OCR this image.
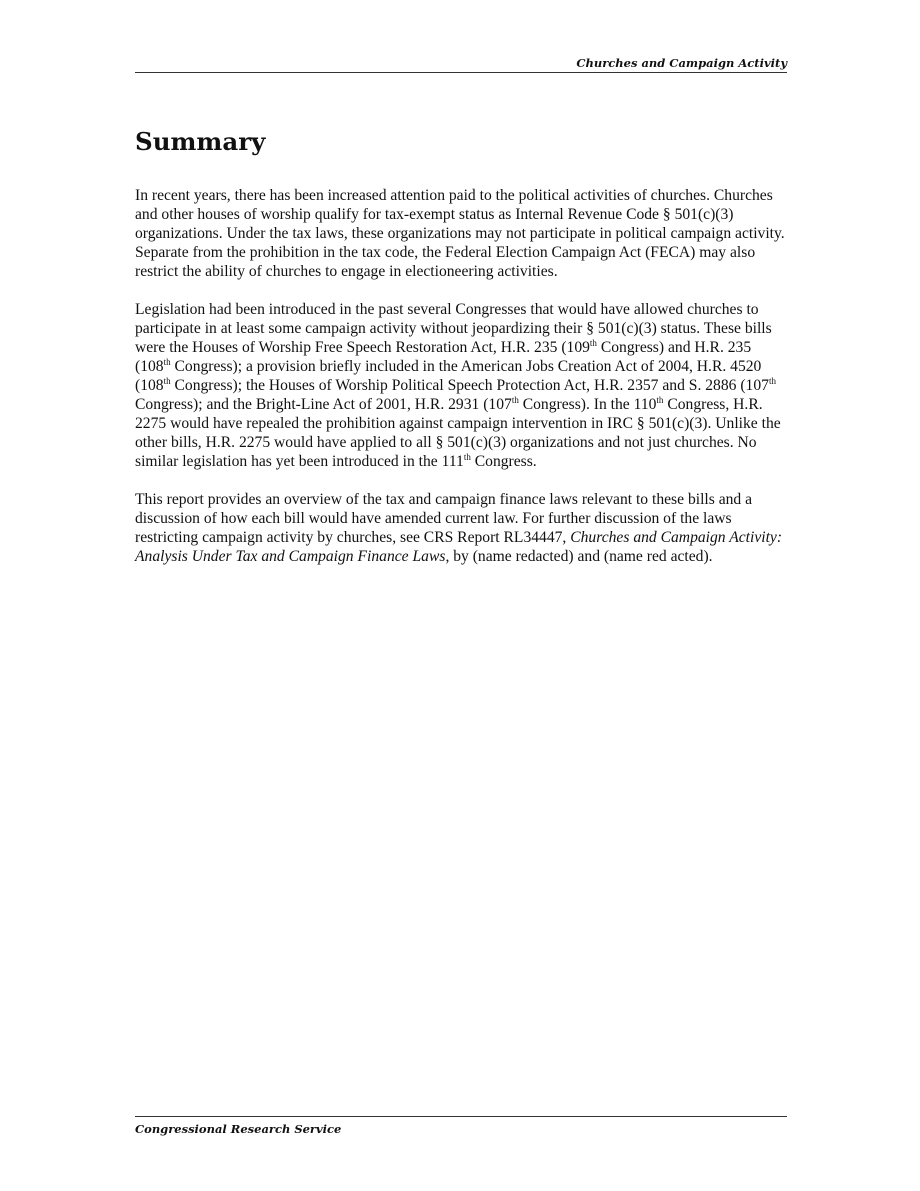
Churches and Campaign Activity
Summary

In recent years, there has been increased attention paid to the political activities of churches. Churches and other houses of worship qualify for tax-exempt status as Internal Revenue Code § 501(c)(3) organizations. Under the tax laws, these organizations may not participate in political campaign activity. Separate from the prohibition in the tax code, the Federal Election Campaign Act (FECA) may also restrict the ability of churches to engage in electioneering activities.

Legislation had been introduced in the past several Congresses that would have allowed churches to participate in at least some campaign activity without jeopardizing their § 501(c)(3) status. These bills were the Houses of Worship Free Speech Restoration Act, H.R. 235 (109th Congress) and H.R. 235 (108th Congress); a provision briefly included in the American Jobs Creation Act of 2004, H.R. 4520 (108th Congress); the Houses of Worship Political Speech Protection Act, H.R. 2357 and S. 2886 (107th Congress); and the Bright-Line Act of 2001, H.R. 2931 (107th Congress). In the 110th Congress, H.R. 2275 would have repealed the prohibition against campaign intervention in IRC § 501(c)(3). Unlike the other bills, H.R. 2275 would have applied to all § 501(c)(3) organizations and not just churches. No similar legislation has yet been introduced in the 111th Congress.

This report provides an overview of the tax and campaign finance laws relevant to these bills and a discussion of how each bill would have amended current law. For further discussion of the laws restricting campaign activity by churches, see CRS Report RL34447, Churches and Campaign Activity: Analysis Under Tax and Campaign Finance Laws, by (name redacted) and (name red acted).

Congressional Research Service
